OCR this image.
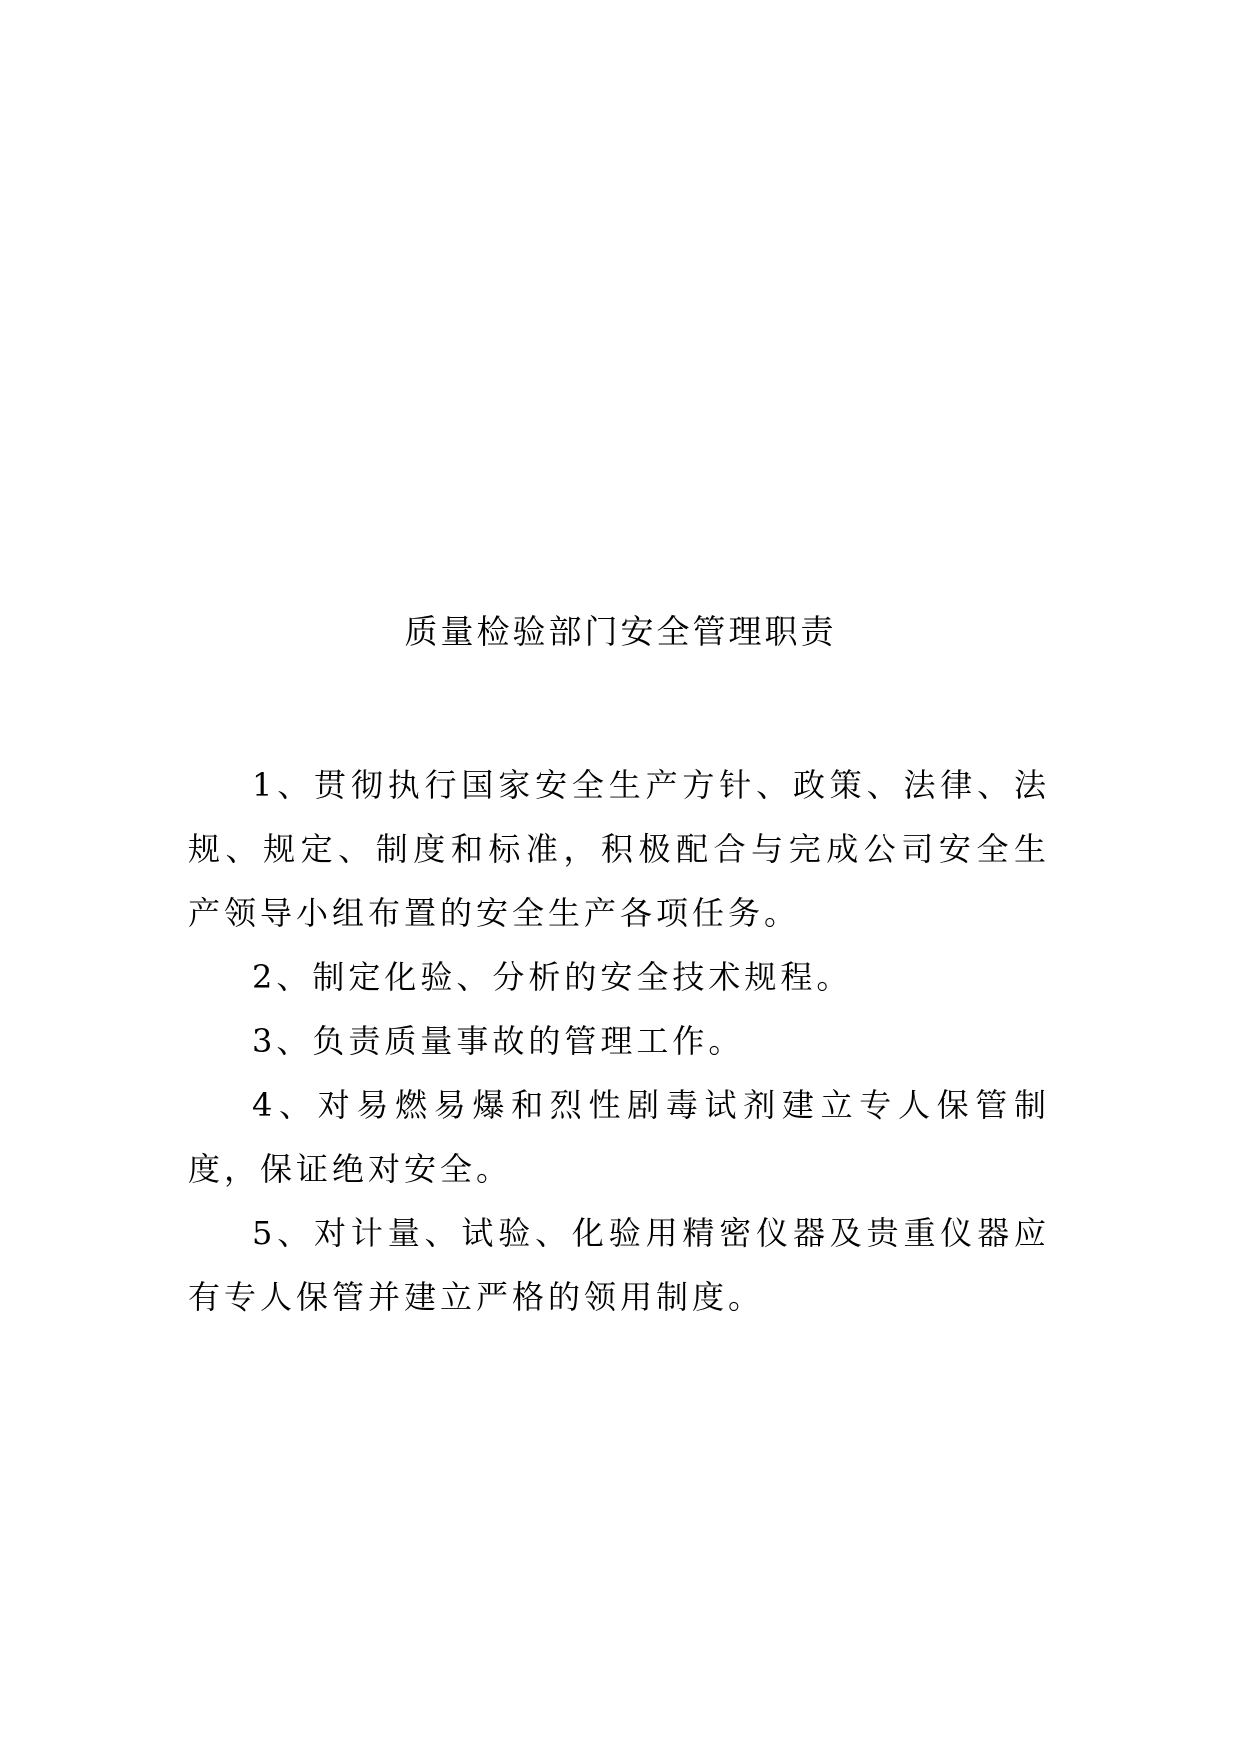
质量检验部门安全管理职责

1、贯彻执行国家安全生产方针、政策、法律、法规、规定、制度和标准，积极配合与完成公司安全生产领导小组布置的安全生产各项任务。

2、制定化验、分析的安全技术规程。

3、负责质量事故的管理工作。

4、对易燃易爆和烈性剧毒试剂建立专人保管制度，保证绝对安全。

5、对计量、试验、化验用精密仪器及贵重仪器应有专人保管并建立严格的领用制度。
